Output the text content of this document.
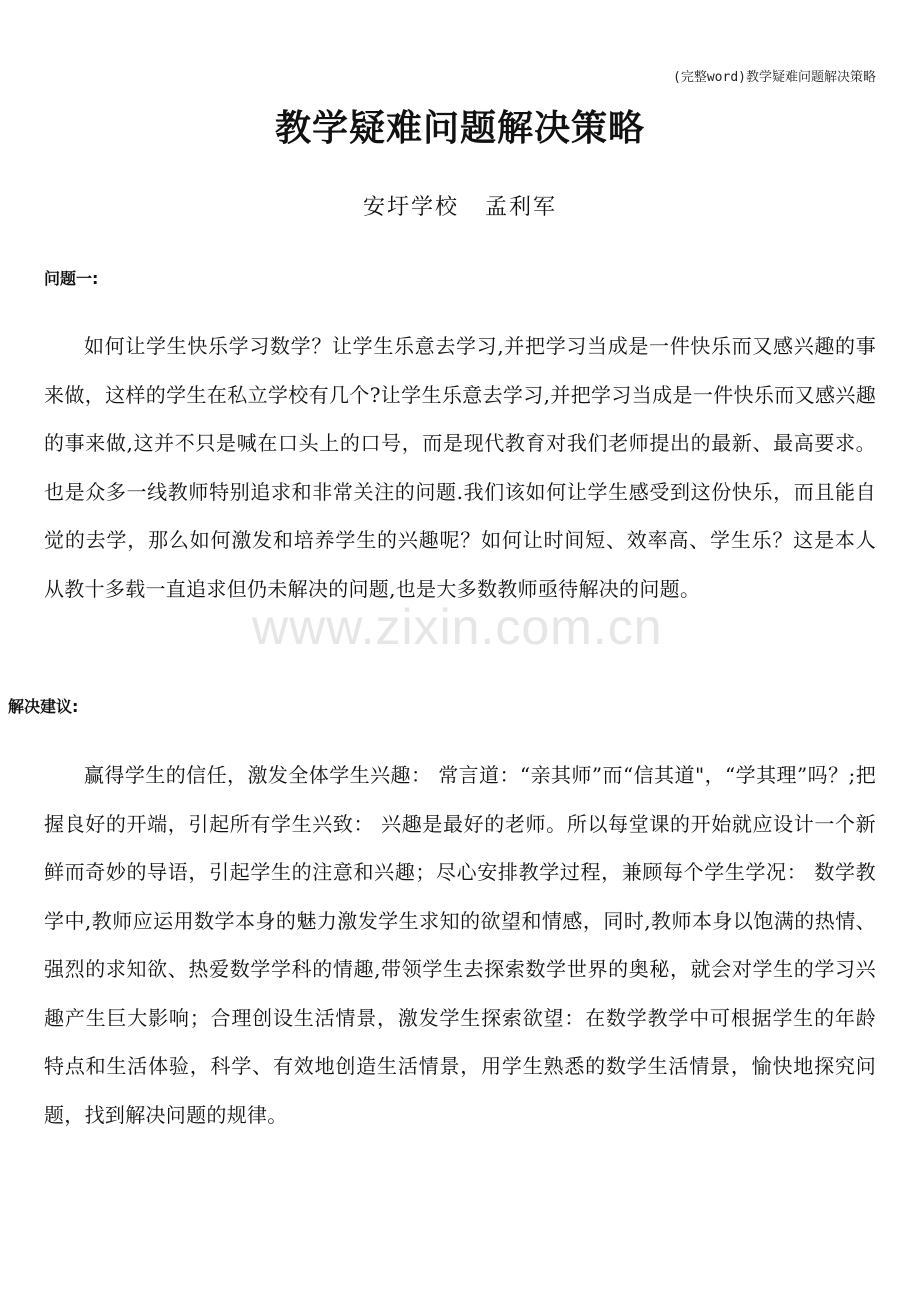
(完整word)教学疑难问题解决策略
教学疑难问题解决策略
安圩学校 孟利军
www.zixin.com.cn

问题一:

如何让学生快乐学习数学？让学生乐意去学习,并把学习当成是一件快乐而又感兴趣的事来做，这样的学生在私立学校有几个?让学生乐意去学习,并把学习当成是一件快乐而又感兴趣的事来做,这并不只是喊在口头上的口号，而是现代教育对我们老师提出的最新、最高要求。也是众多一线教师特别追求和非常关注的问题.我们该如何让学生感受到这份快乐，而且能自觉的去学，那么如何激发和培养学生的兴趣呢？如何让时间短、效率高、学生乐？这是本人从教十多载一直追求但仍未解决的问题,也是大多数教师亟待解决的问题。

解决建议:

赢得学生的信任，激发全体学生兴趣： 常言道：“亲其师”而“信其道"，“学其理”吗？;把握良好的开端，引起所有学生兴致： 兴趣是最好的老师。所以每堂课的开始就应设计一个新鲜而奇妙的导语，引起学生的注意和兴趣；尽心安排教学过程，兼顾每个学生学况： 数学教学中,教师应运用数学本身的魅力激发学生求知的欲望和情感，同时,教师本身以饱满的热情、强烈的求知欲、热爱数学学科的情趣,带领学生去探索数学世界的奥秘，就会对学生的学习兴趣产生巨大影响；合理创设生活情景，激发学生探索欲望：在数学教学中可根据学生的年龄特点和生活体验，科学、有效地创造生活情景，用学生熟悉的数学生活情景，愉快地探究问题，找到解决问题的规律。
